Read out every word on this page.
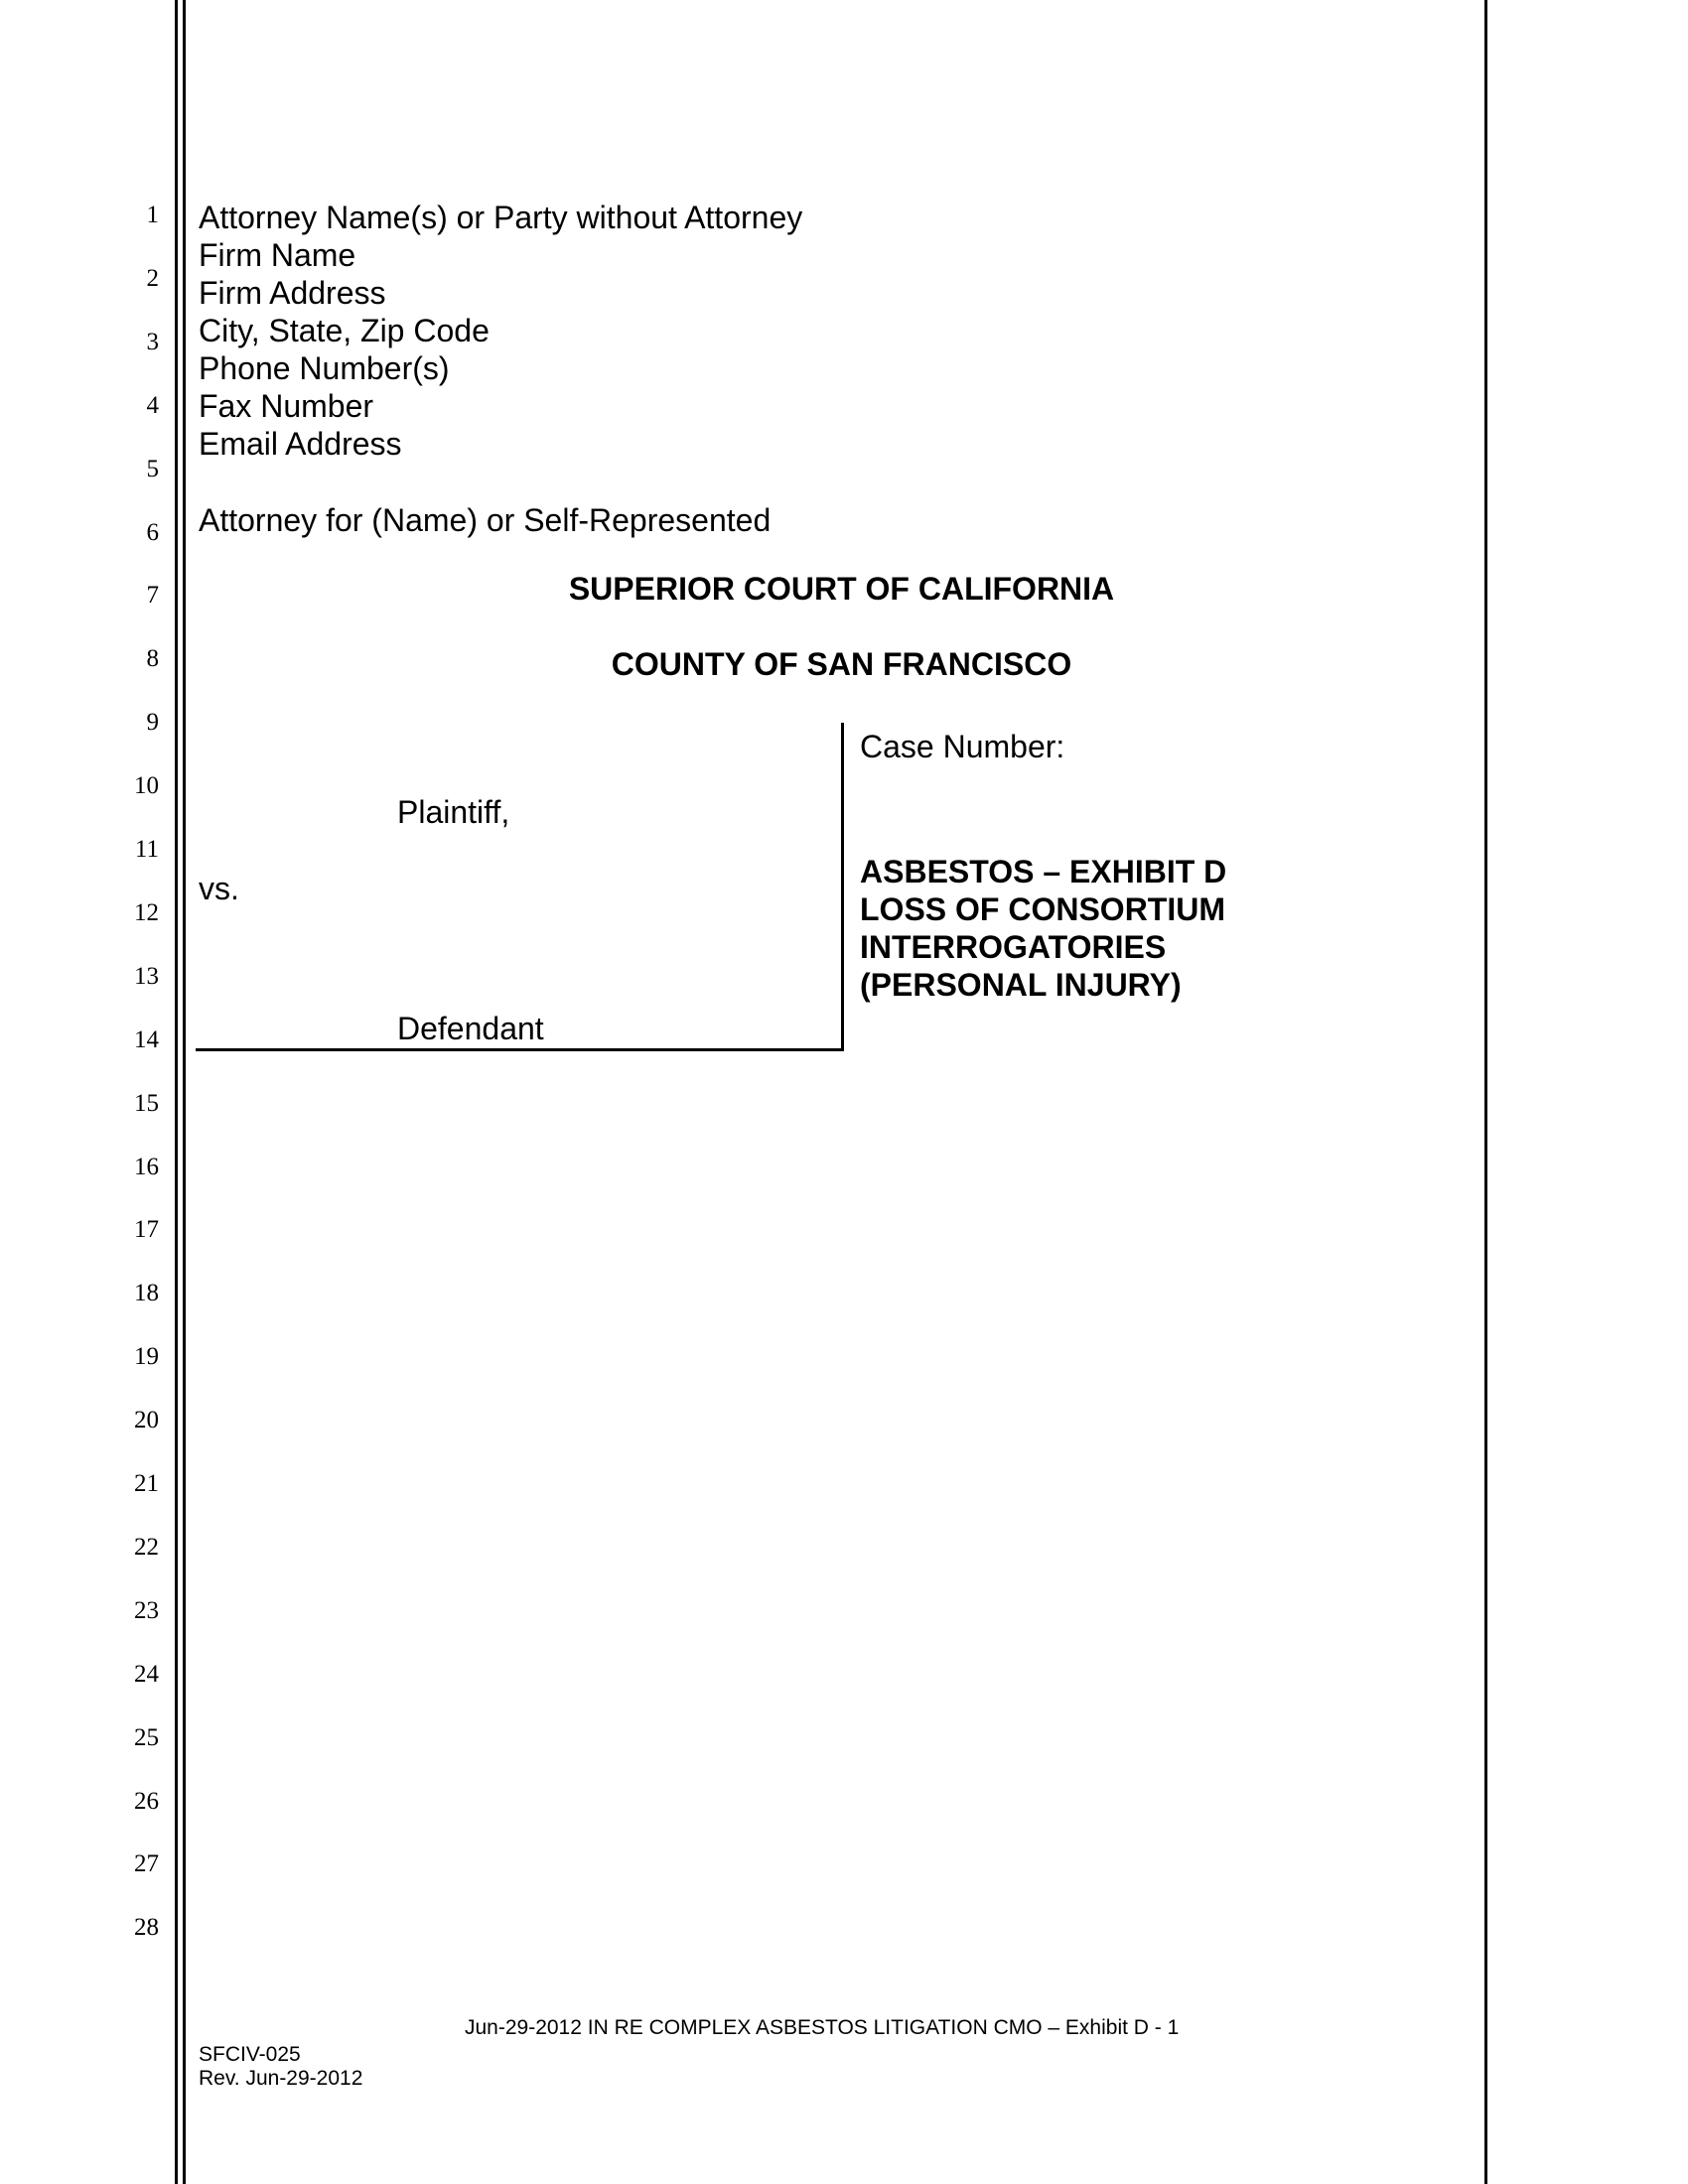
1
2
3
4
5
6
7
8
9
10
11
12
13
14
15
16
17
18
19
20
21
22
23
24
25
26
27
28
Attorney Name(s) or Party without Attorney
Firm Name
Firm Address
City, State, Zip Code
Phone Number(s)
Fax Number
Email Address
Attorney for (Name) or Self-Represented
SUPERIOR COURT OF CALIFORNIA
COUNTY OF SAN FRANCISCO
Plaintiff,
vs.
Defendant
Case Number:
ASBESTOS – EXHIBIT D
LOSS OF CONSORTIUM
INTERROGATORIES
(PERSONAL INJURY)
Jun-29-2012 IN RE COMPLEX ASBESTOS LITIGATION CMO – Exhibit D - 1
SFCIV-025
Rev. Jun-29-2012
